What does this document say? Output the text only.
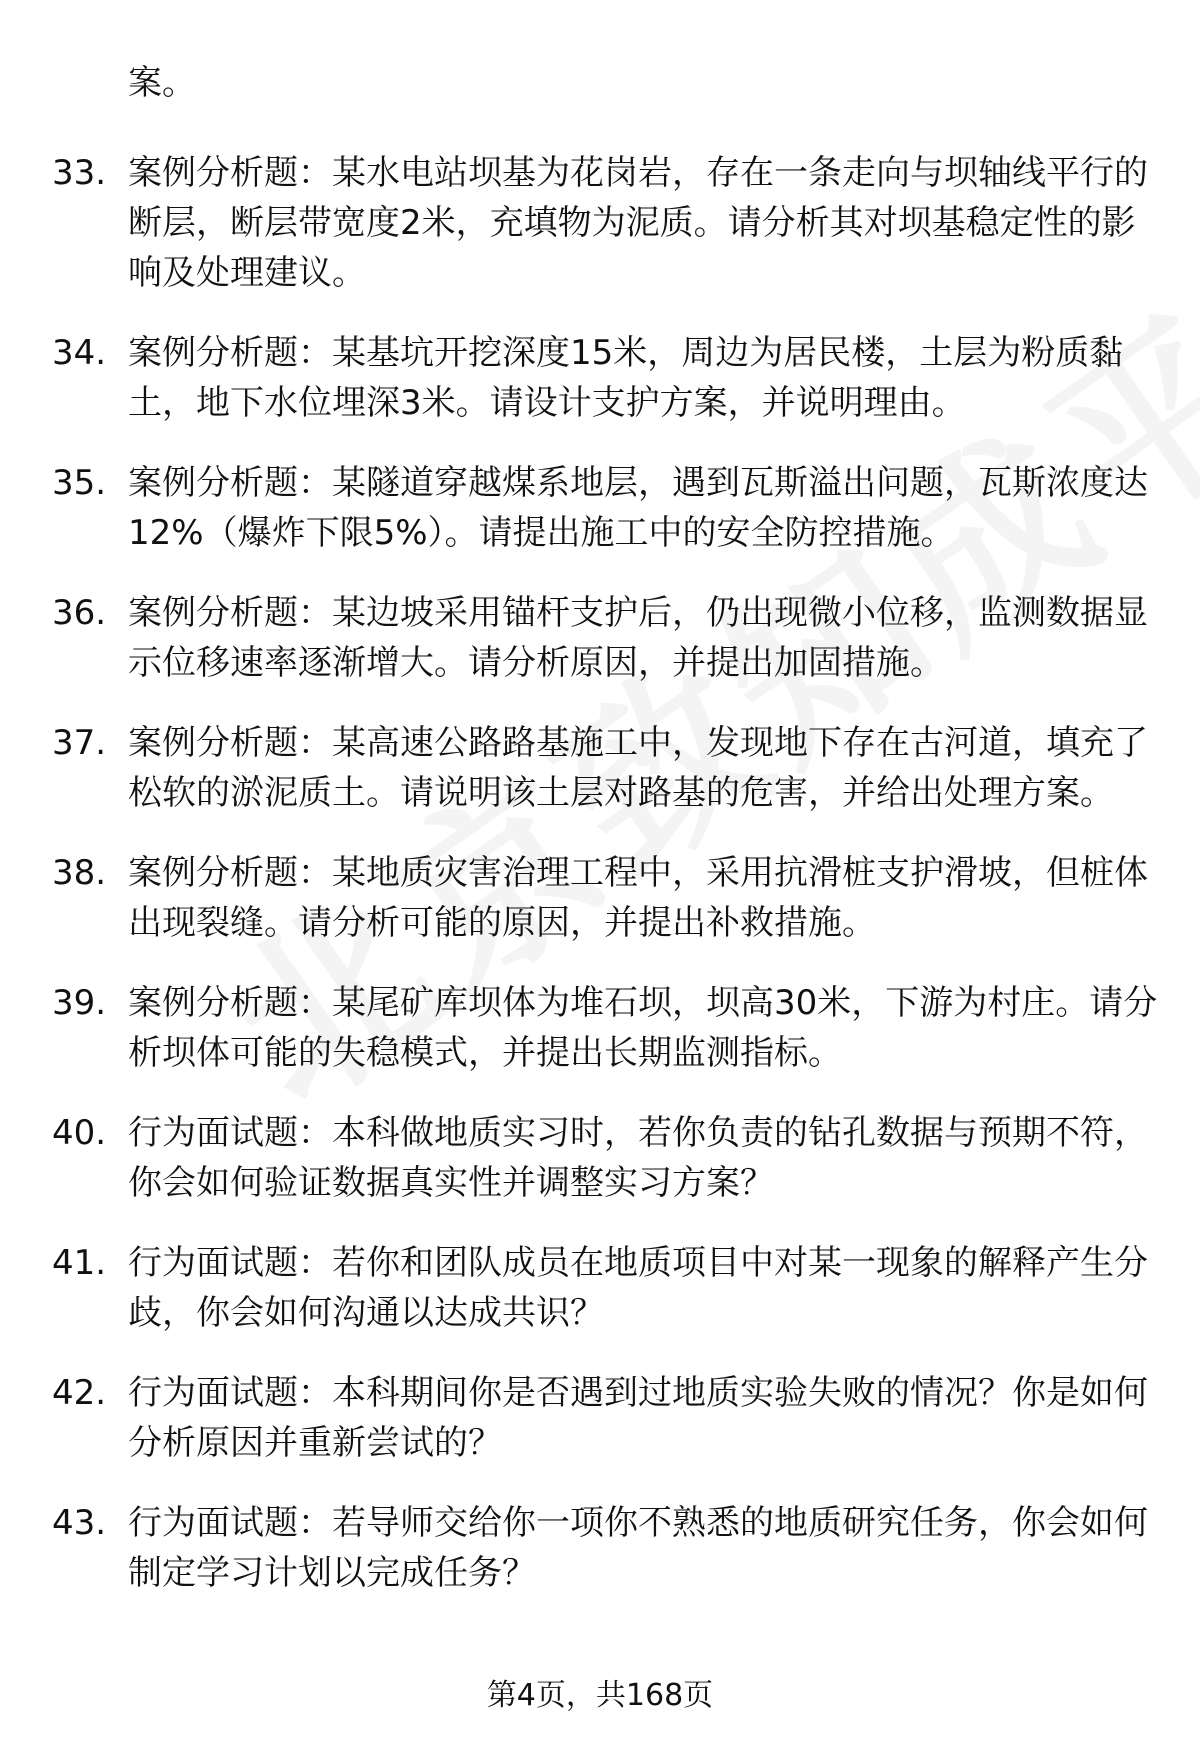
案。
33. 案例分析题：某水电站坝基为花岗岩，存在一条走向与坝轴线平行的断层，断层带宽度2米，充填物为泥质。请分析其对坝基稳定性的影响及处理建议。
34. 案例分析题：某基坑开挖深度15米，周边为居民楼，土层为粉质黏土，地下水位埋深3米。请设计支护方案，并说明理由。
35. 案例分析题：某隧道穿越煤系地层，遇到瓦斯溢出问题，瓦斯浓度达12%（爆炸下限5%）。请提出施工中的安全防控措施。
36. 案例分析题：某边坡采用锚杆支护后，仍出现微小位移，监测数据显示位移速率逐渐增大。请分析原因，并提出加固措施。
37. 案例分析题：某高速公路路基施工中，发现地下存在古河道，填充了松软的淤泥质土。请说明该土层对路基的危害，并给出处理方案。
38. 案例分析题：某地质灾害治理工程中，采用抗滑桩支护滑坡，但桩体出现裂缝。请分析可能的原因，并提出补救措施。
39. 案例分析题：某尾矿库坝体为堆石坝，坝高30米，下游为村庄。请分析坝体可能的失稳模式，并提出长期监测指标。
40. 行为面试题：本科做地质实习时，若你负责的钻孔数据与预期不符，你会如何验证数据真实性并调整实习方案？
41. 行为面试题：若你和团队成员在地质项目中对某一现象的解释产生分歧，你会如何沟通以达成共识？
42. 行为面试题：本科期间你是否遇到过地质实验失败的情况？你是如何分析原因并重新尝试的？
43. 行为面试题：若导师交给你一项你不熟悉的地质研究任务，你会如何制定学习计划以完成任务？
第4页，共168页
